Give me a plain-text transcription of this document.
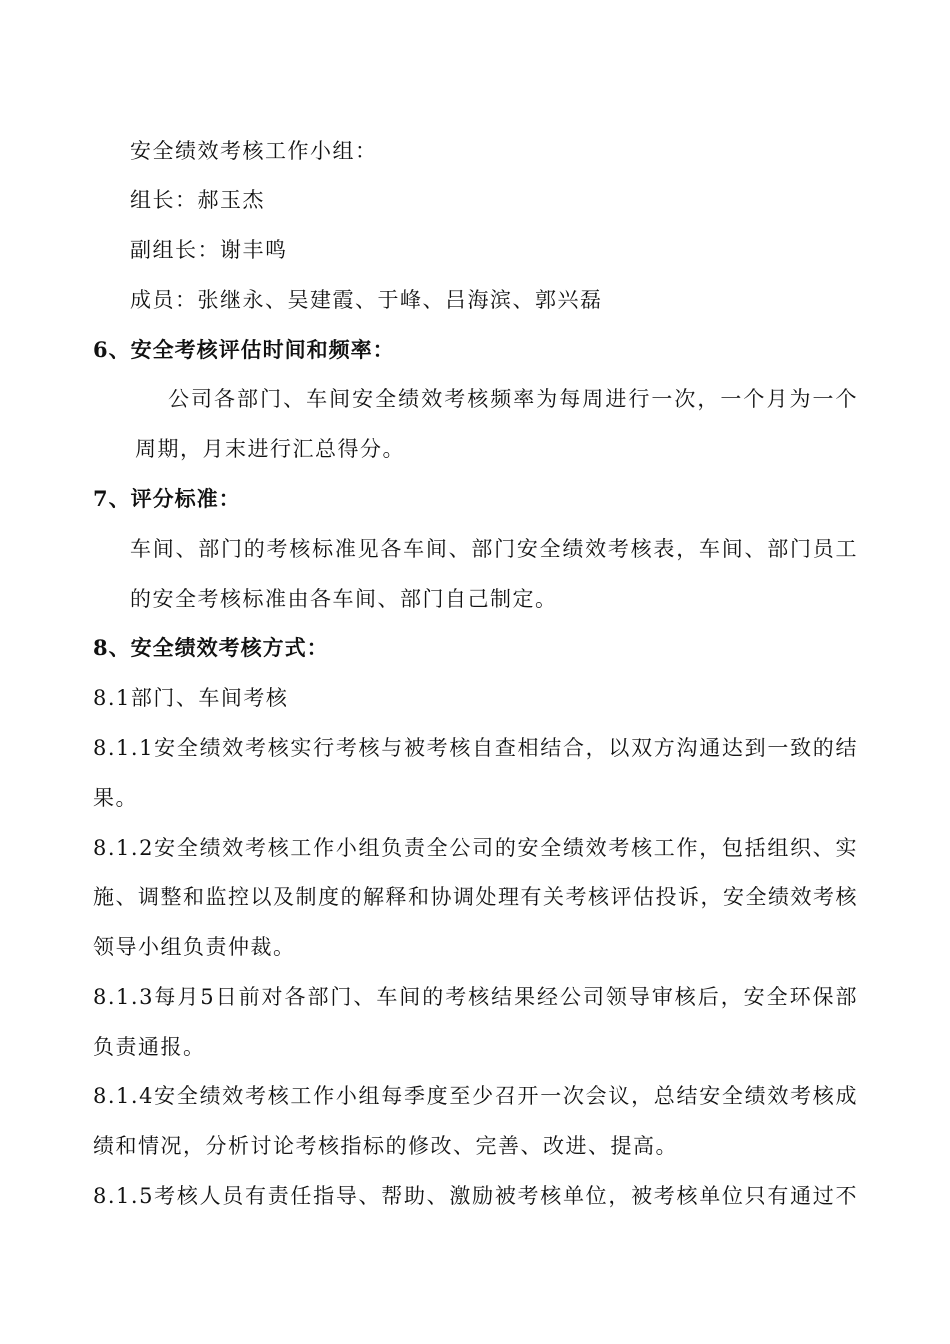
安全绩效考核工作小组：
组长：郝玉杰
副组长：谢丰鸣
成员：张继永、吴建霞、于峰、吕海滨、郭兴磊
6、安全考核评估时间和频率：
公司各部门、车间安全绩效考核频率为每周进行一次，一个月为一个
周期，月末进行汇总得分。
7、评分标准：
车间、部门的考核标准见各车间、部门安全绩效考核表，车间、部门员工
的安全考核标准由各车间、部门自己制定。
8、安全绩效考核方式：
8.1部门、车间考核
8.1.1安全绩效考核实行考核与被考核自查相结合，以双方沟通达到一致的结
果。
8.1.2安全绩效考核工作小组负责全公司的安全绩效考核工作，包括组织、实
施、调整和监控以及制度的解释和协调处理有关考核评估投诉，安全绩效考核
领导小组负责仲裁。
8.1.3每月5日前对各部门、车间的考核结果经公司领导审核后，安全环保部
负责通报。
8.1.4安全绩效考核工作小组每季度至少召开一次会议，总结安全绩效考核成
绩和情况，分析讨论考核指标的修改、完善、改进、提高。
8.1.5考核人员有责任指导、帮助、激励被考核单位，被考核单位只有通过不
